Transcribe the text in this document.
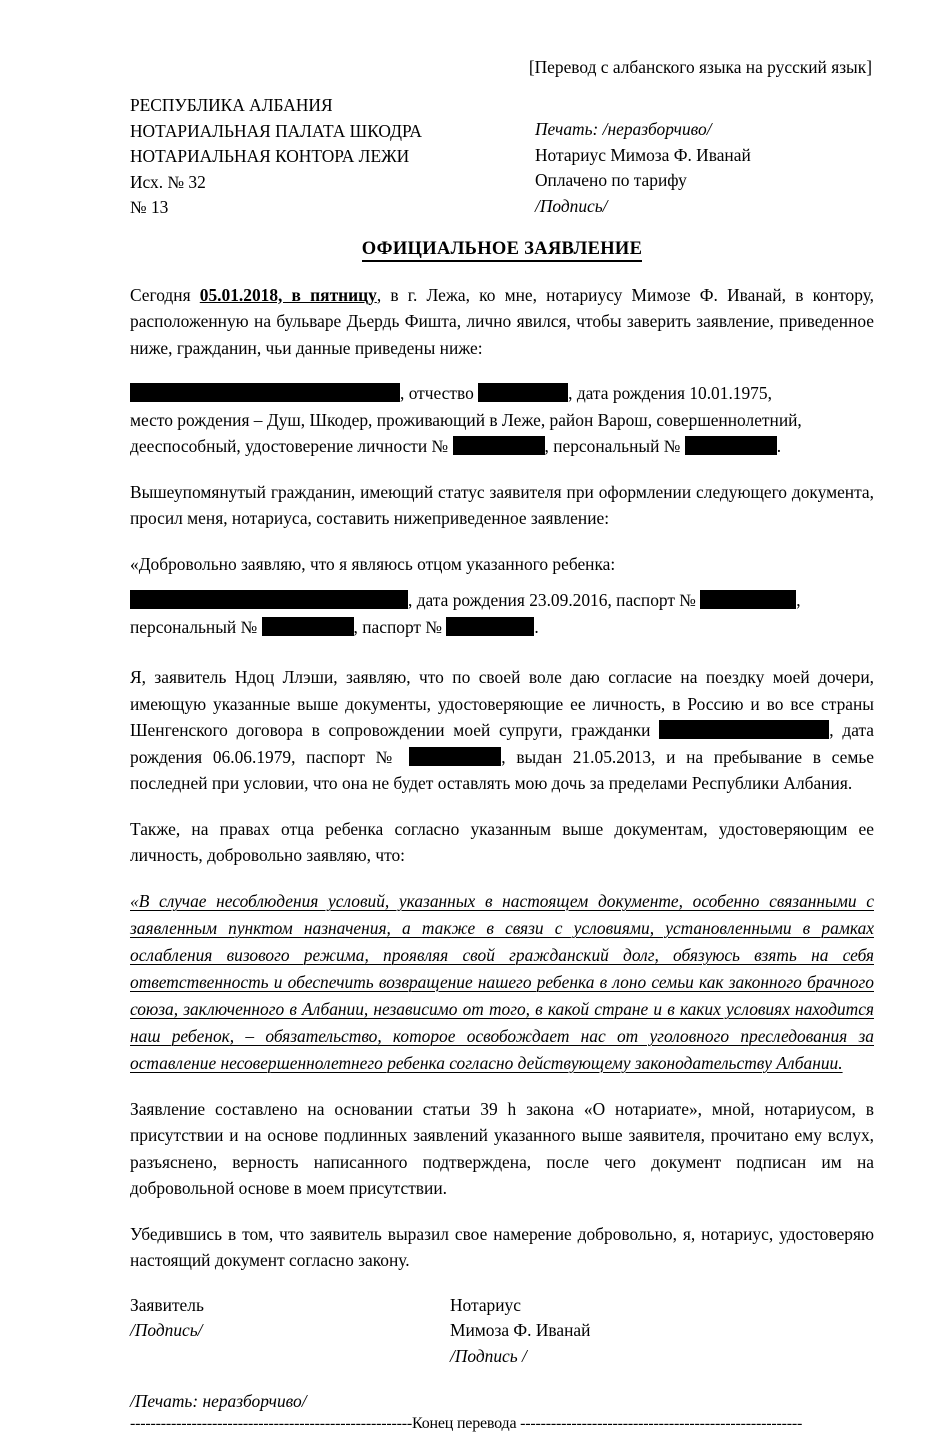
[Перевод с албанского языка на русский язык]
РЕСПУБЛИКА АЛБАНИЯ
НОТАРИАЛЬНАЯ ПАЛАТА ШКОДРА
НОТАРИАЛЬНАЯ КОНТОРА ЛЕЖИ
Исх. № 32
№ 13
Печать: /неразборчиво/
Нотариус Мимоза Ф. Иванай
Оплачено по тарифу
/Подпись/
ОФИЦИАЛЬНОЕ ЗАЯВЛЕНИЕ

Сегодня 05.01.2018, в пятницу, в г. Лежа, ко мне, нотариусу Мимозе Ф. Иванай, в контору, расположенную на бульваре Дьердь Фишта, лично явился, чтобы заверить заявление, приведенное ниже, гражданин, чьи данные приведены ниже:

, отчество	, дата рождения 10.01.1975,
место рождения – Душ, Шкодер, проживающий в Леже, район Варош, совершеннолетний,
дееспособный, удостоверение личности №	, персональный №	.

Вышеупомянутый гражданин, имеющий статус заявителя при оформлении следующего документа, просил меня, нотариуса, составить нижеприведенное заявление:

«Добровольно заявляю, что я являюсь отцом указанного ребенка:

, дата рождения 23.09.2016, паспорт №	,
персональный №	, паспорт №	.

Я, заявитель Ндоц Ллэши, заявляю, что по своей воле даю согласие на поездку моей дочери, имеющую указанные выше документы, удостоверяющие ее личность, в Россию и во все страны Шенгенского договора в сопровождении моей супруги, гражданки	, дата рождения 06.06.1979, паспорт №	, выдан 21.05.2013, и на пребывание в семье последней при условии, что она не будет оставлять мою дочь за пределами Республики Албания.

Также, на правах отца ребенка согласно указанным выше документам, удостоверяющим ее личность, добровольно заявляю, что:

«В случае несоблюдения условий, указанных в настоящем документе, особенно связанными с заявленным пунктом назначения, а также в связи с условиями, установленными в рамках ослабления визового режима, проявляя свой гражданский долг, обязуюсь взять на себя ответственность и обеспечить возвращение нашего ребенка в лоно семьи как законного брачного союза, заключенного в Албании, независимо от того, в какой стране и в каких условиях находится наш ребенок, – обязательство, которое освобождает нас от уголовного преследования за оставление несовершеннолетнего ребенка согласно действующему законодательству Албании.

Заявление составлено на основании статьи 39 h закона «О нотариате», мной, нотариусом, в присутствии и на основе подлинных заявлений указанного выше заявителя, прочитано ему вслух, разъяснено, верность написанного подтверждена, после чего документ подписан им на добровольной основе в моем присутствии.

Убедившись в том, что заявитель выразил свое намерение добровольно, я, нотариус, удостоверяю настоящий документ согласно закону.

Заявитель
/Подпись/
Нотариус
Мимоза Ф. Иванай
/Подпись /
/Печать: неразборчиво/
-------------------------------------------------------Конец перевода -------------------------------------------------------
